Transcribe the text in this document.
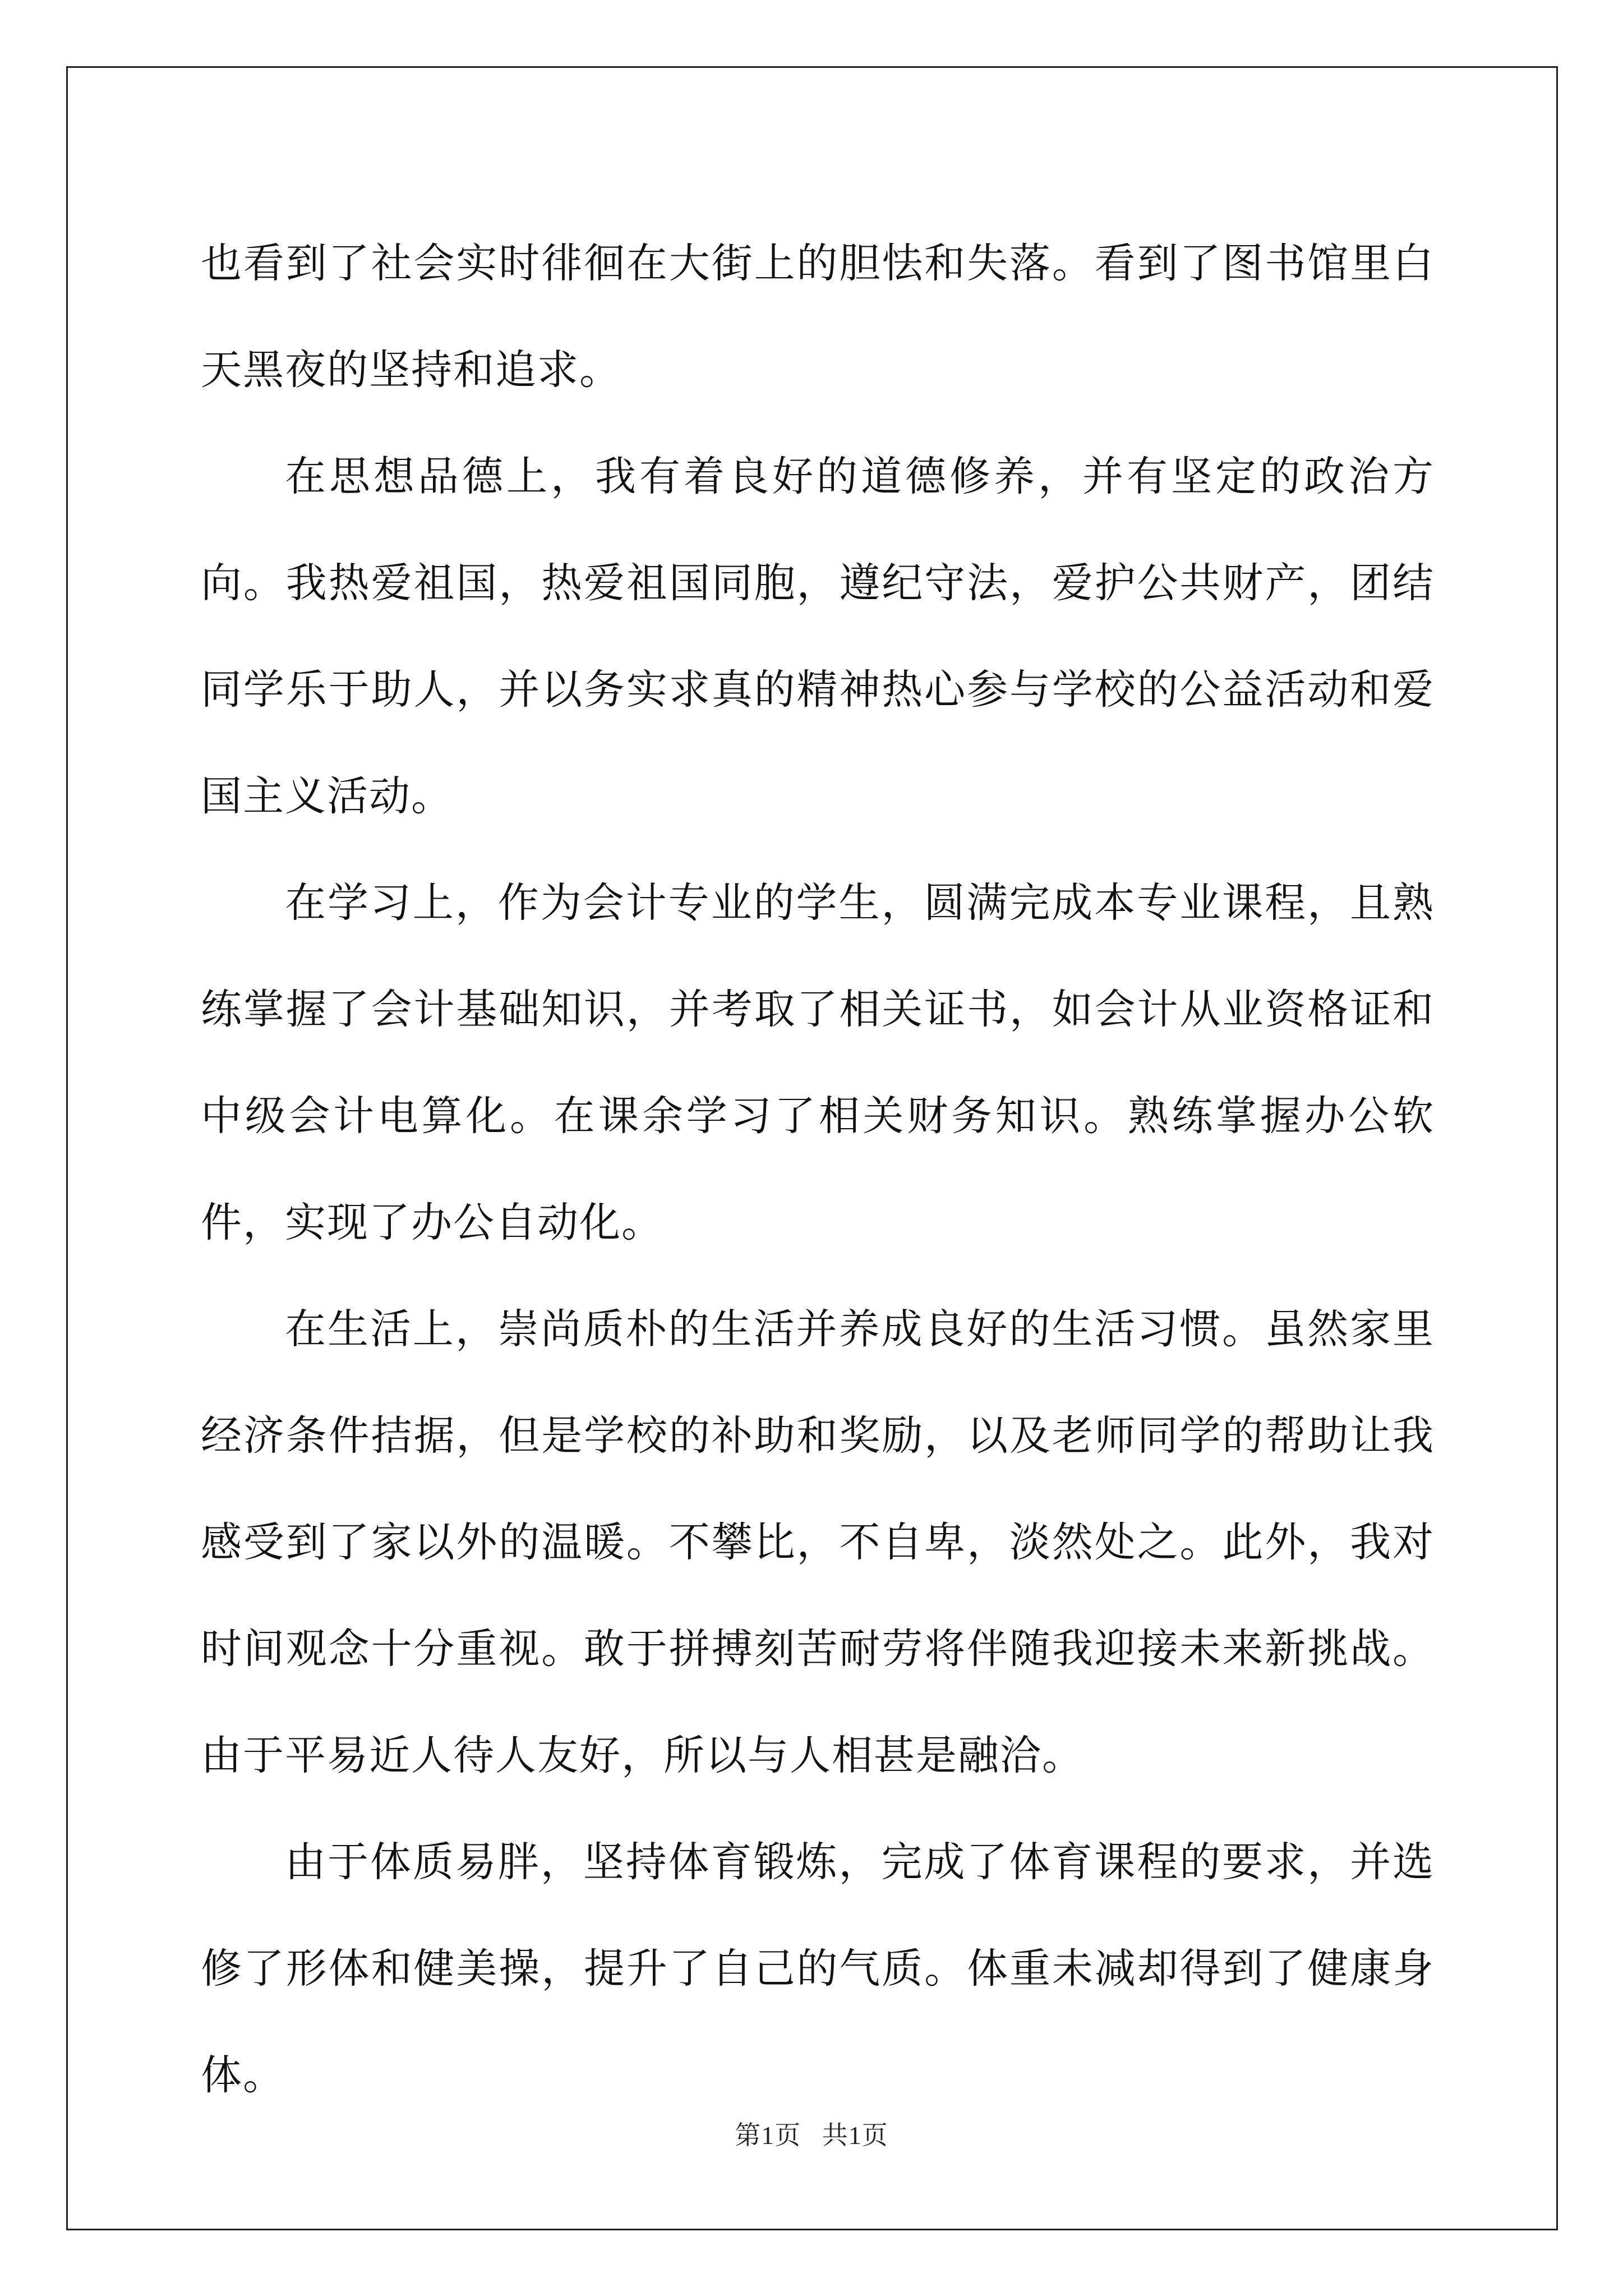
也看到了社会实时徘徊在大街上的胆怯和失落。看到了图书馆里白天黑夜的坚持和追求。

在思想品德上，我有着良好的道德修养，并有坚定的政治方向。我热爱祖国，热爱祖国同胞，遵纪守法，爱护公共财产，团结同学乐于助人，并以务实求真的精神热心参与学校的公益活动和爱国主义活动。

在学习上，作为会计专业的学生，圆满完成本专业课程，且熟练掌握了会计基础知识，并考取了相关证书，如会计从业资格证和中级会计电算化。在课余学习了相关财务知识。熟练掌握办公软件，实现了办公自动化。

在生活上，崇尚质朴的生活并养成良好的生活习惯。虽然家里经济条件拮据，但是学校的补助和奖励，以及老师同学的帮助让我感受到了家以外的温暖。不攀比，不自卑，淡然处之。此外，我对时间观念十分重视。敢于拼搏刻苦耐劳将伴随我迎接未来新挑战。由于平易近人待人友好，所以与人相甚是融洽。

由于体质易胖，坚持体育锻炼，完成了体育课程的要求，并选修了形体和健美操，提升了自己的气质。体重未减却得到了健康身体。

第1页 共1页
